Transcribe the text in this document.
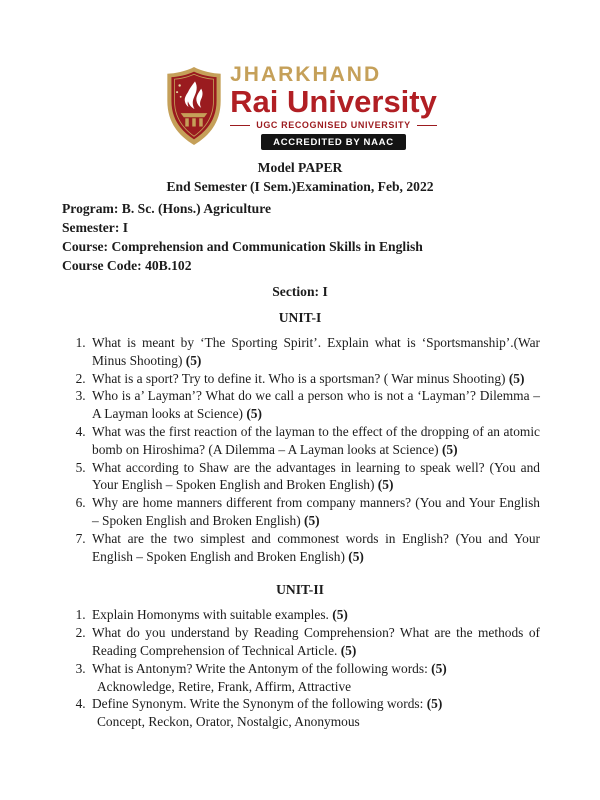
JHARKHAND
Rai University
UGC RECOGNISED UNIVERSITY
ACCREDITED BY NAAC
Model PAPER
End Semester (I Sem.)Examination, Feb, 2022
Program: B. Sc. (Hons.) Agriculture
Semester: I
Course: Comprehension and Communication Skills in English
Course Code: 40B.102
Section: I
UNIT-I
1. What is meant by ‘The Sporting Spirit’. Explain what is ‘Sportsmanship’.(War Minus Shooting) (5)
2. What is a sport? Try to define it. Who is a sportsman? ( War minus Shooting) (5)
3. Who is a’ Layman’? What do we call a person who is not a ‘Layman’? Dilemma – A Layman looks at Science) (5)
4. What was the first reaction of the layman to the effect of the dropping of an atomic bomb on Hiroshima? (A Dilemma – A Layman looks at Science) (5)
5. What according to Shaw are the advantages in learning to speak well? (You and Your English – Spoken English and Broken English) (5)
6. Why are home manners different from company manners? (You and Your English – Spoken English and Broken English) (5)
7. What are the two simplest and commonest words in English? (You and Your English – Spoken English and Broken English) (5)
UNIT-II
1. Explain Homonyms with suitable examples. (5)
2. What do you understand by Reading Comprehension? What are the methods of Reading Comprehension of Technical Article. (5)
3. What is Antonym? Write the Antonym of the following words: (5)
Acknowledge, Retire, Frank, Affirm, Attractive
4. Define Synonym. Write the Synonym of the following words: (5)
Concept, Reckon, Orator, Nostalgic, Anonymous
